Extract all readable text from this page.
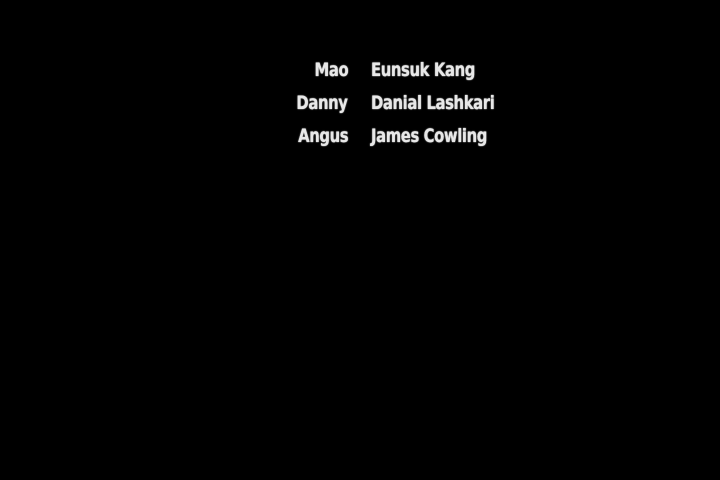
Mao Eunsuk Kang
Danny Danial Lashkari
Angus James Cowling
